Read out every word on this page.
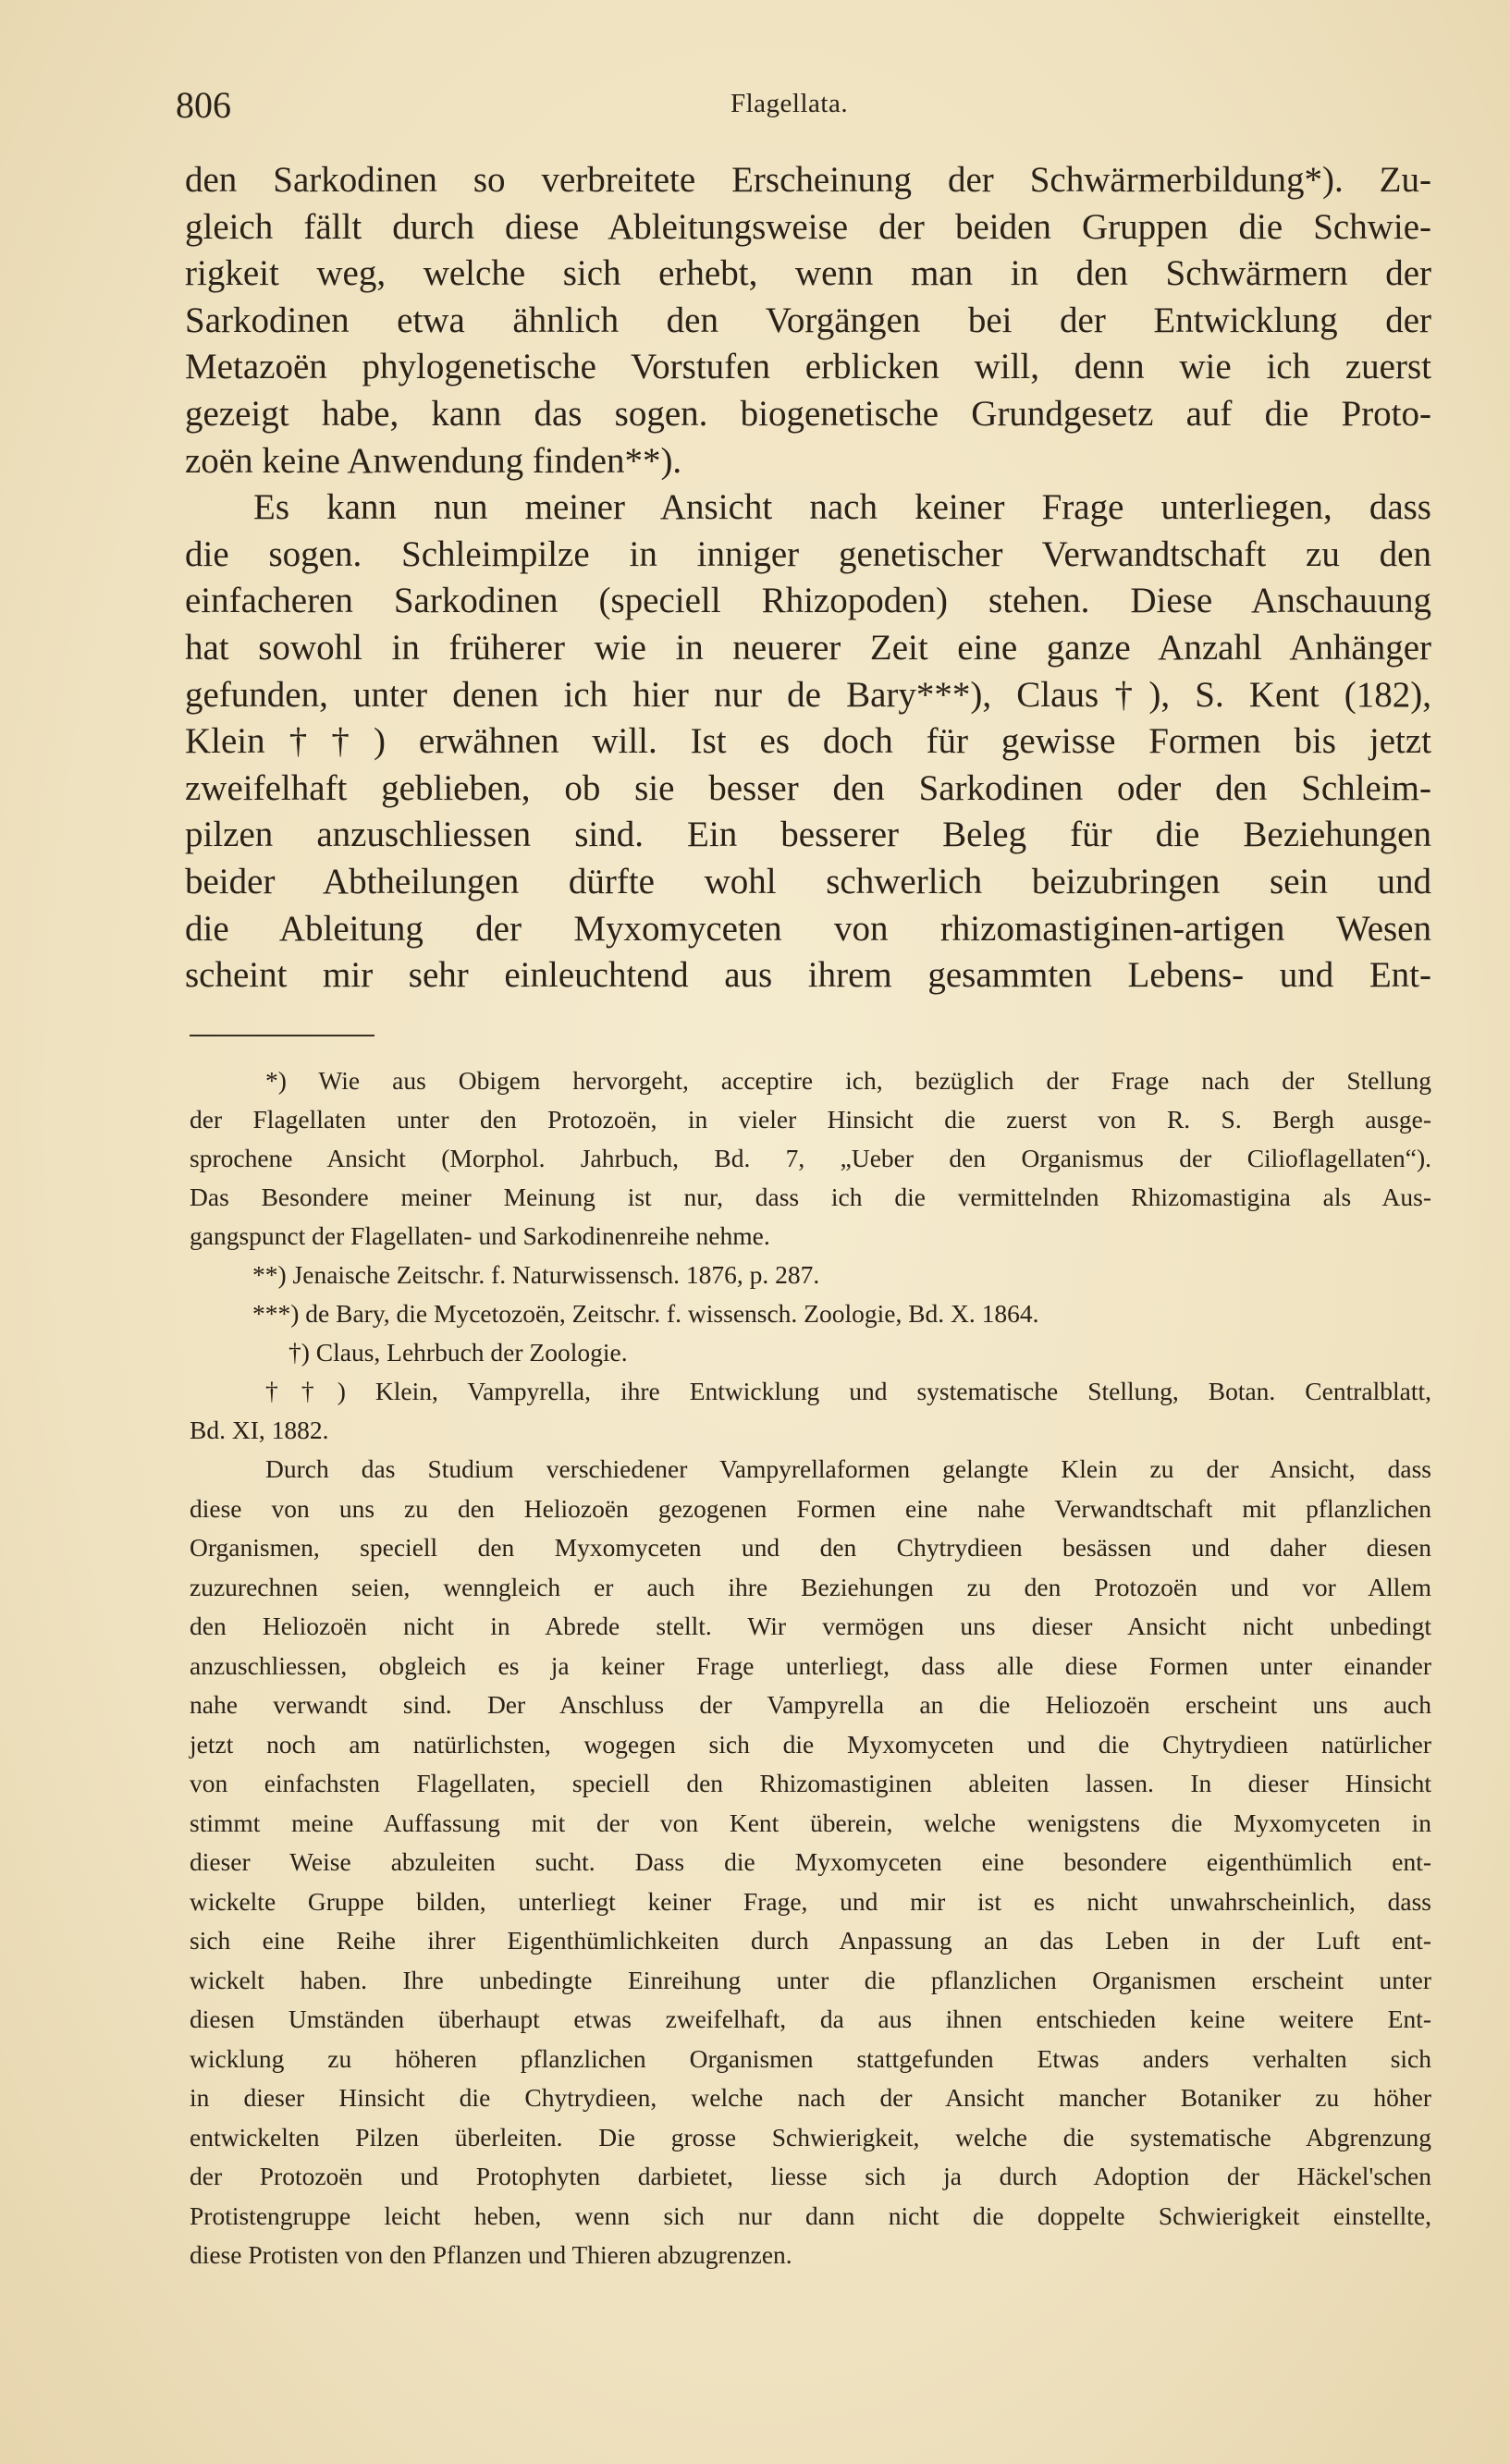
806	Flagellata.
den Sarkodinen so verbreitete Erscheinung der Schwärmerbildung*). Zu-
gleich fällt durch diese Ableitungsweise der beiden Gruppen die Schwie-
rigkeit weg, welche sich erhebt, wenn man in den Schwärmern der
Sarkodinen etwa ähnlich den Vorgängen bei der Entwicklung der
Metazoën phylogenetische Vorstufen erblicken will, denn wie ich zuerst
gezeigt habe, kann das sogen. biogenetische Grundgesetz auf die Proto-
zoën keine Anwendung finden**).
Es kann nun meiner Ansicht nach keiner Frage unterliegen, dass
die sogen. Schleimpilze in inniger genetischer Verwandtschaft zu den
einfacheren Sarkodinen (speciell Rhizopoden) stehen. Diese Anschauung
hat sowohl in früherer wie in neuerer Zeit eine ganze Anzahl Anhänger
gefunden, unter denen ich hier nur de Bary***), Claus†), S. Kent (182),
Klein††) erwähnen will. Ist es doch für gewisse Formen bis jetzt
zweifelhaft geblieben, ob sie besser den Sarkodinen oder den Schleim-
pilzen anzuschliessen sind. Ein besserer Beleg für die Beziehungen
beider Abtheilungen dürfte wohl schwerlich beizubringen sein und
die Ableitung der Myxomyceten von rhizomastiginen-artigen Wesen
scheint mir sehr einleuchtend aus ihrem gesammten Lebens- und Ent-
*) Wie aus Obigem hervorgeht, acceptire ich, bezüglich der Frage nach der Stellung
der Flagellaten unter den Protozoën, in vieler Hinsicht die zuerst von R. S. Bergh ausge-
sprochene Ansicht (Morphol. Jahrbuch, Bd. 7, „Ueber den Organismus der Cilioflagellaten“).
Das Besondere meiner Meinung ist nur, dass ich die vermittelnden Rhizomastigina als Aus-
gangspunct der Flagellaten- und Sarkodinenreihe nehme.
**) Jenaische Zeitschr. f. Naturwissensch. 1876, p. 287.
***) de Bary, die Mycetozoën, Zeitschr. f. wissensch. Zoologie, Bd. X. 1864.
†) Claus, Lehrbuch der Zoologie.
††) Klein, Vampyrella, ihre Entwicklung und systematische Stellung, Botan. Centralblatt,
Bd. XI, 1882.
Durch das Studium verschiedener Vampyrellaformen gelangte Klein zu der Ansicht, dass
diese von uns zu den Heliozoën gezogenen Formen eine nahe Verwandtschaft mit pflanzlichen
Organismen, speciell den Myxomyceten und den Chytrydieen besässen und daher diesen
zuzurechnen seien, wenngleich er auch ihre Beziehungen zu den Protozoën und vor Allem
den Heliozoën nicht in Abrede stellt. Wir vermögen uns dieser Ansicht nicht unbedingt
anzuschliessen, obgleich es ja keiner Frage unterliegt, dass alle diese Formen unter einander
nahe verwandt sind. Der Anschluss der Vampyrella an die Heliozoën erscheint uns auch
jetzt noch am natürlichsten, wogegen sich die Myxomyceten und die Chytrydieen natürlicher
von einfachsten Flagellaten, speciell den Rhizomastiginen ableiten lassen. In dieser Hinsicht
stimmt meine Auffassung mit der von Kent überein, welche wenigstens die Myxomyceten in
dieser Weise abzuleiten sucht. Dass die Myxomyceten eine besondere eigenthümlich ent-
wickelte Gruppe bilden, unterliegt keiner Frage, und mir ist es nicht unwahrscheinlich, dass
sich eine Reihe ihrer Eigenthümlichkeiten durch Anpassung an das Leben in der Luft ent-
wickelt haben. Ihre unbedingte Einreihung unter die pflanzlichen Organismen erscheint unter
diesen Umständen überhaupt etwas zweifelhaft, da aus ihnen entschieden keine weitere Ent-
wicklung zu höheren pflanzlichen Organismen stattgefunden Etwas anders verhalten sich
in dieser Hinsicht die Chytrydieen, welche nach der Ansicht mancher Botaniker zu höher
entwickelten Pilzen überleiten. Die grosse Schwierigkeit, welche die systematische Abgrenzung
der Protozoën und Protophyten darbietet, liesse sich ja durch Adoption der Häckel'schen
Protistengruppe leicht heben, wenn sich nur dann nicht die doppelte Schwierigkeit einstellte,
diese Protisten von den Pflanzen und Thieren abzugrenzen.
